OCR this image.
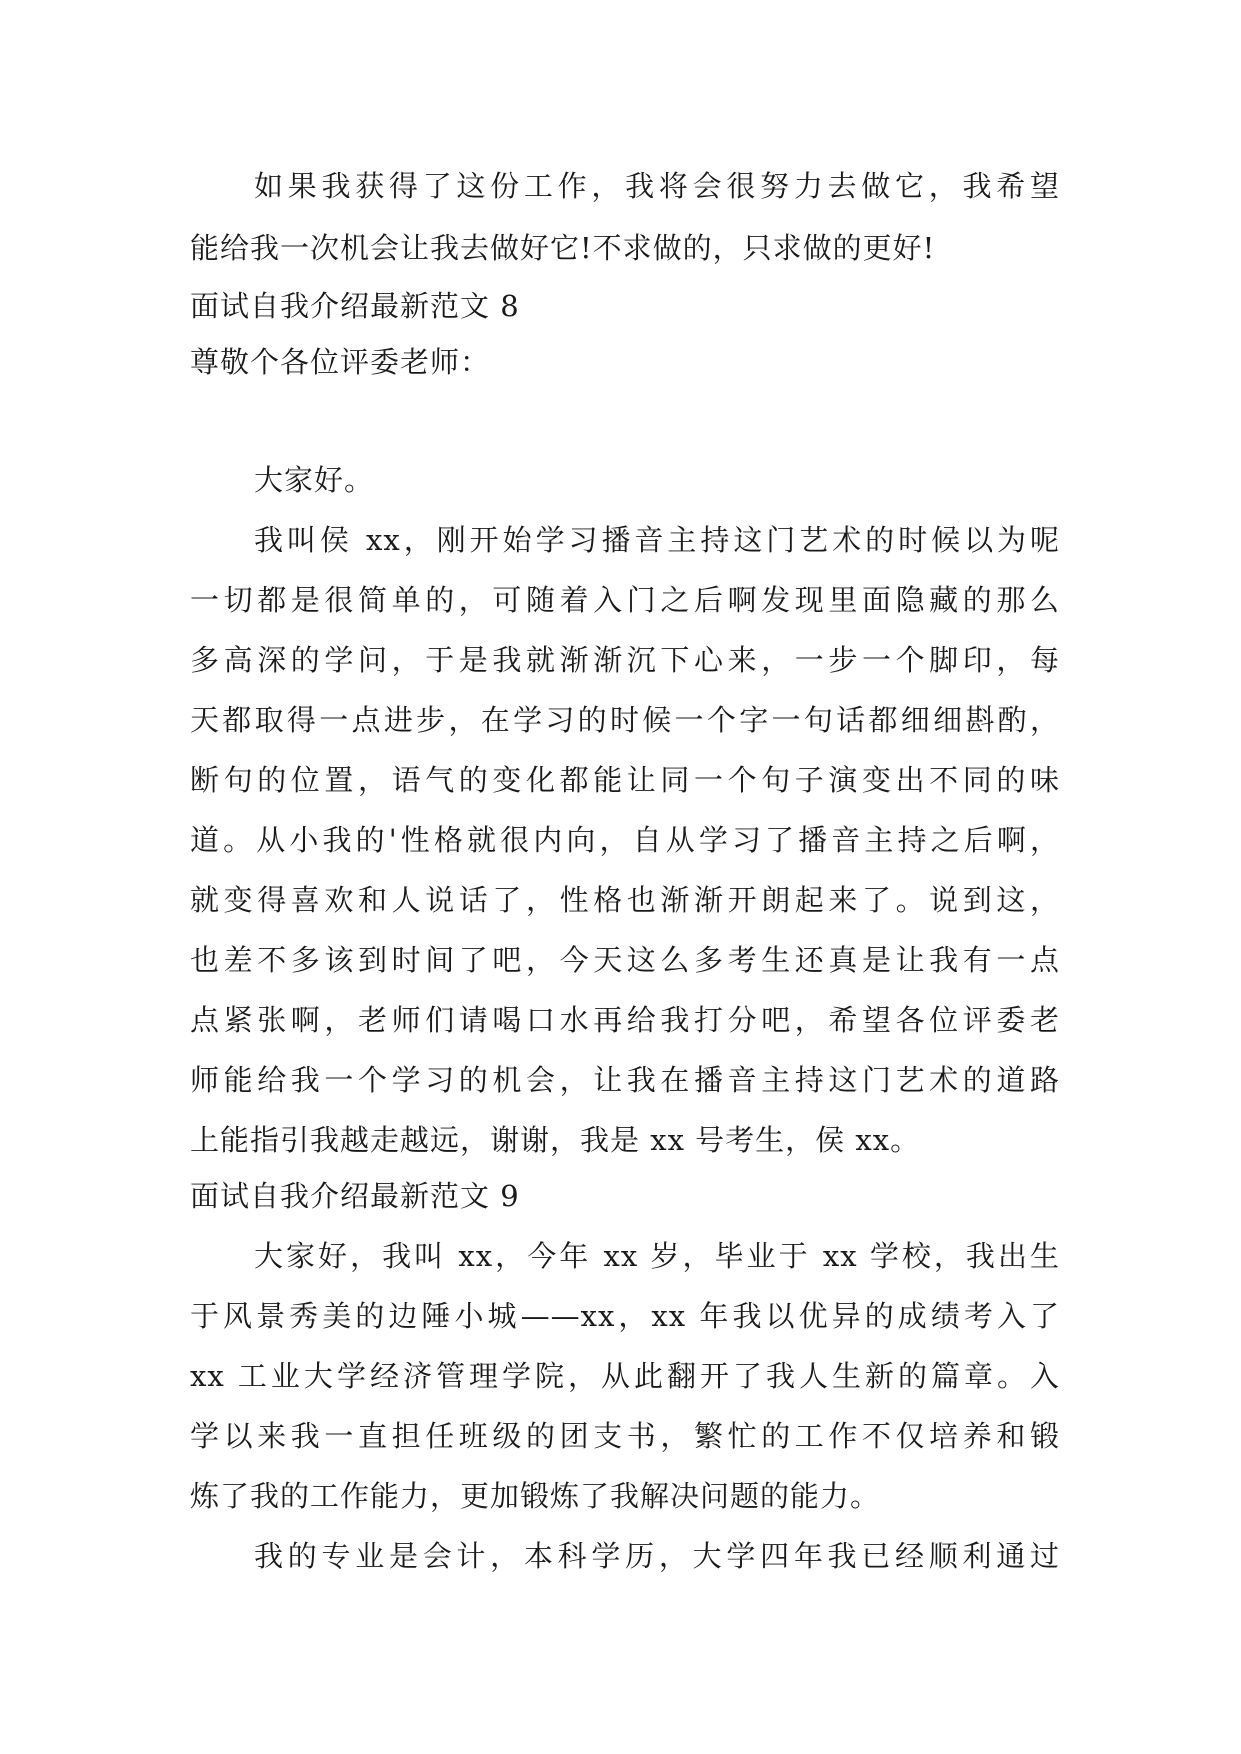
如果我获得了这份工作，我将会很努力去做它，我希望
能给我一次机会让我去做好它!不求做的，只求做的更好!
面试自我介绍最新范文 8
尊敬个各位评委老师：
大家好。
我叫侯 xx，刚开始学习播音主持这门艺术的时候以为呢
一切都是很简单的，可随着入门之后啊发现里面隐藏的那么
多高深的学问，于是我就渐渐沉下心来，一步一个脚印，每
天都取得一点进步，在学习的时候一个字一句话都细细斟酌，
断句的位置，语气的变化都能让同一个句子演变出不同的味
道。从小我的'性格就很内向，自从学习了播音主持之后啊，
就变得喜欢和人说话了，性格也渐渐开朗起来了。说到这，
也差不多该到时间了吧，今天这么多考生还真是让我有一点
点紧张啊，老师们请喝口水再给我打分吧，希望各位评委老
师能给我一个学习的机会，让我在播音主持这门艺术的道路
上能指引我越走越远，谢谢，我是 xx 号考生，侯 xx。
面试自我介绍最新范文 9
大家好，我叫 xx，今年 xx 岁，毕业于 xx 学校，我出生
于风景秀美的边陲小城——xx，xx 年我以优异的成绩考入了
xx 工业大学经济管理学院，从此翻开了我人生新的篇章。入
学以来我一直担任班级的团支书，繁忙的工作不仅培养和锻
炼了我的工作能力，更加锻炼了我解决问题的能力。
我的专业是会计，本科学历，大学四年我已经顺利通过
